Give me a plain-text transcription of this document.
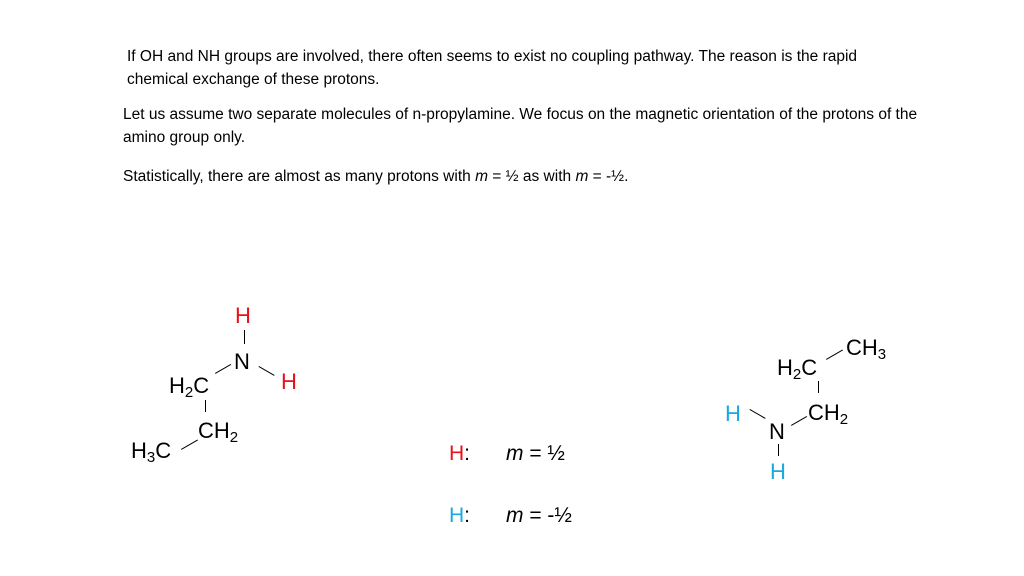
If OH and NH groups are involved, there often seems to exist no coupling pathway. The reason is the rapid chemical exchange of these protons.
Let us assume two separate molecules of n-propylamine. We focus on the magnetic orientation of the protons of the amino group only.
Statistically, there are almost as many protons with m = ½ as with m = -½.
H
N
H
$H_2C$
$CH_2$
$H_3C$
$CH_3$
$H_2C$
$CH_2$
H
N
H
H: m = ½
H: m = -½
